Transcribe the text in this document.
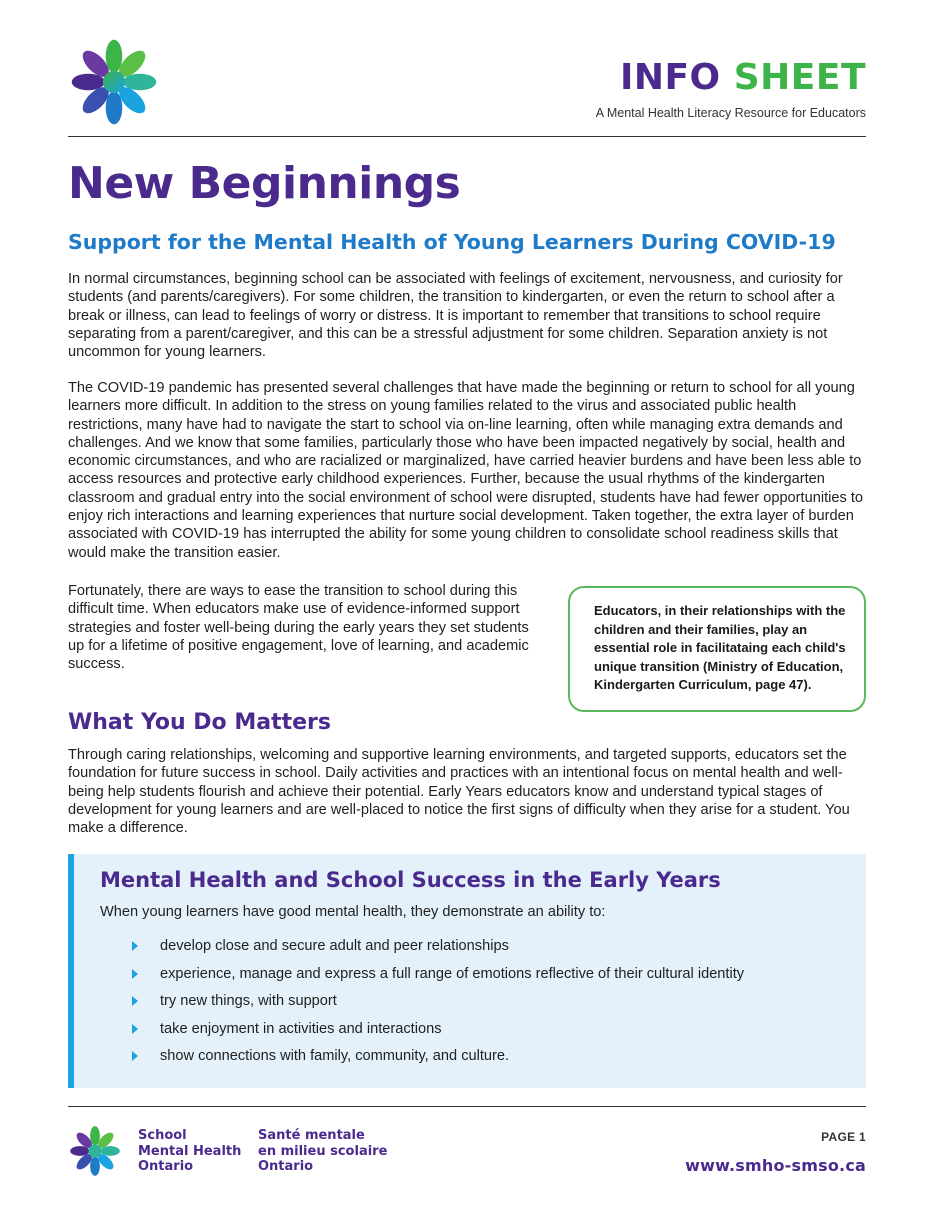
INFO SHEET
A Mental Health Literacy Resource for Educators
New Beginnings
Support for the Mental Health of Young Learners During COVID-19

In normal circumstances, beginning school can be associated with feelings of excitement, nervousness, and curiosity for students (and parents/caregivers). For some children, the transition to kindergarten, or even the return to school after a break or illness, can lead to feelings of worry or distress. It is important to remember that transitions to school require separating from a parent/caregiver, and this can be a stressful adjustment for some children. Separation anxiety is not uncommon for young learners.

The COVID-19 pandemic has presented several challenges that have made the beginning or return to school for all young learners more difficult. In addition to the stress on young families related to the virus and associated public health restrictions, many have had to navigate the start to school via on-line learning, often while managing extra demands and challenges. And we know that some families, particularly those who have been impacted negatively by social, health and economic circumstances, and who are racialized or marginalized, have carried heavier burdens and have been less able to access resources and protective early childhood experiences. Further, because the usual rhythms of the kindergarten classroom and gradual entry into the social environment of school were disrupted, students have had fewer opportunities to enjoy rich interactions and learning experiences that nurture social development. Taken together, the extra layer of burden associated with COVID-19 has interrupted the ability for some young children to consolidate school readiness skills that would make the transition easier.

Fortunately, there are ways to ease the transition to school during this difficult time. When educators make use of evidence-informed support strategies and foster well-being during the early years they set students up for a lifetime of positive engagement, love of learning, and academic success.

Educators, in their relationships with the children and their families, play an essential role in facilitataing each child's unique transition (Ministry of Education, Kindergarten Curriculum, page 47).

What You Do Matters

Through caring relationships, welcoming and supportive learning environments, and targeted supports, educators set the foundation for future success in school. Daily activities and practices with an intentional focus on mental health and well-being help students flourish and achieve their potential. Early Years educators know and understand typical stages of development for young learners and are well-placed to notice the first signs of difficulty when they arise for a student. You make a difference.

Mental Health and School Success in the Early Years

When young learners have good mental health, they demonstrate an ability to:

develop close and secure adult and peer relationships
experience, manage and express a full range of emotions reflective of their cultural identity
try new things, with support
take enjoyment in activities and interactions
show connections with family, community, and culture.
School
Mental Health
Ontario
Santé mentale
en milieu scolaire
Ontario
PAGE 1
www.smho-smso.ca
